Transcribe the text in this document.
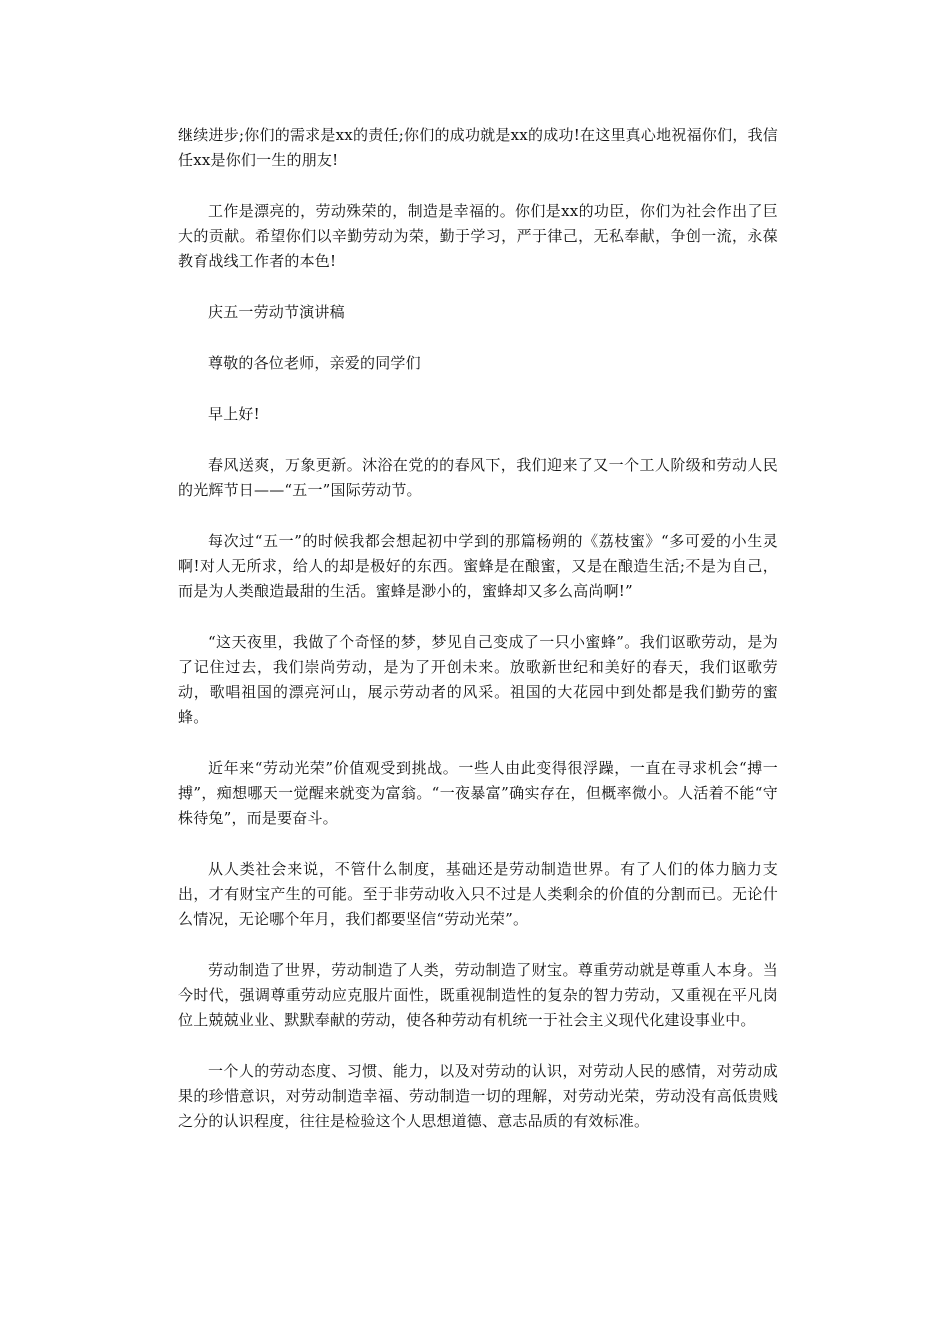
继续进步;你们的需求是xx的责任;你们的成功就是xx的成功!在这里真心地祝福你们，我信任xx是你们一生的朋友!

工作是漂亮的，劳动殊荣的，制造是幸福的。你们是xx的功臣，你们为社会作出了巨大的贡献。希望你们以辛勤劳动为荣，勤于学习，严于律己，无私奉献，争创一流，永葆教育战线工作者的本色!

庆五一劳动节演讲稿

尊敬的各位老师，亲爱的同学们

早上好!

春风送爽，万象更新。沐浴在党的的春风下，我们迎来了又一个工人阶级和劳动人民的光辉节日——“五一”国际劳动节。

每次过“五一”的时候我都会想起初中学到的那篇杨朔的《荔枝蜜》“多可爱的小生灵啊!对人无所求，给人的却是极好的东西。蜜蜂是在酿蜜，又是在酿造生活;不是为自己，而是为人类酿造最甜的生活。蜜蜂是渺小的，蜜蜂却又多么高尚啊!”

“这天夜里，我做了个奇怪的梦，梦见自己变成了一只小蜜蜂”。我们讴歌劳动，是为了记住过去，我们崇尚劳动，是为了开创未来。放歌新世纪和美好的春天，我们讴歌劳动，歌唱祖国的漂亮河山，展示劳动者的风采。祖国的大花园中到处都是我们勤劳的蜜蜂。

近年来“劳动光荣”价值观受到挑战。一些人由此变得很浮躁，一直在寻求机会“搏一搏”，痴想哪天一觉醒来就变为富翁。“一夜暴富”确实存在，但概率微小。人活着不能“守株待兔”，而是要奋斗。

从人类社会来说，不管什么制度，基础还是劳动制造世界。有了人们的体力脑力支出，才有财宝产生的可能。至于非劳动收入只不过是人类剩余的价值的分割而已。无论什么情况，无论哪个年月，我们都要坚信“劳动光荣”。

劳动制造了世界，劳动制造了人类，劳动制造了财宝。尊重劳动就是尊重人本身。当今时代，强调尊重劳动应克服片面性，既重视制造性的复杂的智力劳动，又重视在平凡岗位上兢兢业业、默默奉献的劳动，使各种劳动有机统一于社会主义现代化建设事业中。

一个人的劳动态度、习惯、能力，以及对劳动的认识，对劳动人民的感情，对劳动成果的珍惜意识，对劳动制造幸福、劳动制造一切的理解，对劳动光荣，劳动没有高低贵贱之分的认识程度，往往是检验这个人思想道德、意志品质的有效标准。
